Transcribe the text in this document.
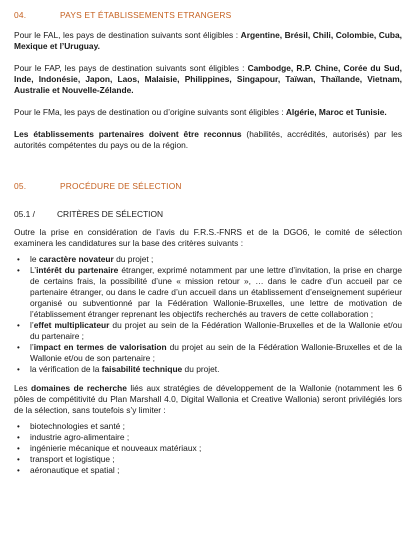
04.	PAYS ET ÉTABLISSEMENTS ETRANGERS

Pour le FAL, les pays de destination suivants sont éligibles : Argentine, Brésil, Chili, Colombie, Cuba, Mexique et l’Uruguay.

Pour le FAP, les pays de destination suivants sont éligibles : Cambodge, R.P. Chine, Corée du Sud, Inde, Indonésie, Japon, Laos, Malaisie, Philippines, Singapour, Taïwan, Thaïlande, Vietnam, Australie et Nouvelle-Zélande.

Pour le FMa, les pays de destination ou d’origine suivants sont éligibles : Algérie, Maroc et Tunisie.

Les établissements partenaires doivent être reconnus (habilités, accrédités, autorisés) par les autorités compétentes du pays ou de la région.

05.	PROCÉDURE DE SÉLECTION
05.1 /	CRITÈRES DE SÉLECTION

Outre la prise en considération de l’avis du F.R.S.-FNRS et de la DGO6, le comité de sélection examinera les candidatures sur la base des critères suivants :

• le caractère novateur du projet ;
• L’intérêt du partenaire étranger, exprimé notamment par une lettre d’invitation, la prise en charge de certains frais, la possibilité d’une « mission retour », … dans le cadre d’un accueil par ce partenaire étranger, ou dans le cadre d’un accueil dans un établissement d’enseignement supérieur organisé ou subventionné par la Fédération Wallonie-Bruxelles, une lettre de motivation de l’établissement étranger reprenant les objectifs recherchés au travers de cette collaboration ;
• l’effet multiplicateur du projet au sein de la Fédération Wallonie-Bruxelles et de la Wallonie et/ou du partenaire ;
• l’impact en termes de valorisation du projet au sein de la Fédération Wallonie-Bruxelles et de la Wallonie et/ou de son partenaire ;
• la vérification de la faisabilité technique du projet.

Les domaines de recherche liés aux stratégies de développement de la Wallonie (notamment les 6 pôles de compétitivité du Plan Marshall 4.0, Digital Wallonia et Creative Wallonia) seront privilégiés lors de la sélection, sans toutefois s’y limiter :

• biotechnologies et santé ;
• industrie agro-alimentaire ;
• ingénierie mécanique et nouveaux matériaux ;
• transport et logistique ;
• aéronautique et spatial ;
